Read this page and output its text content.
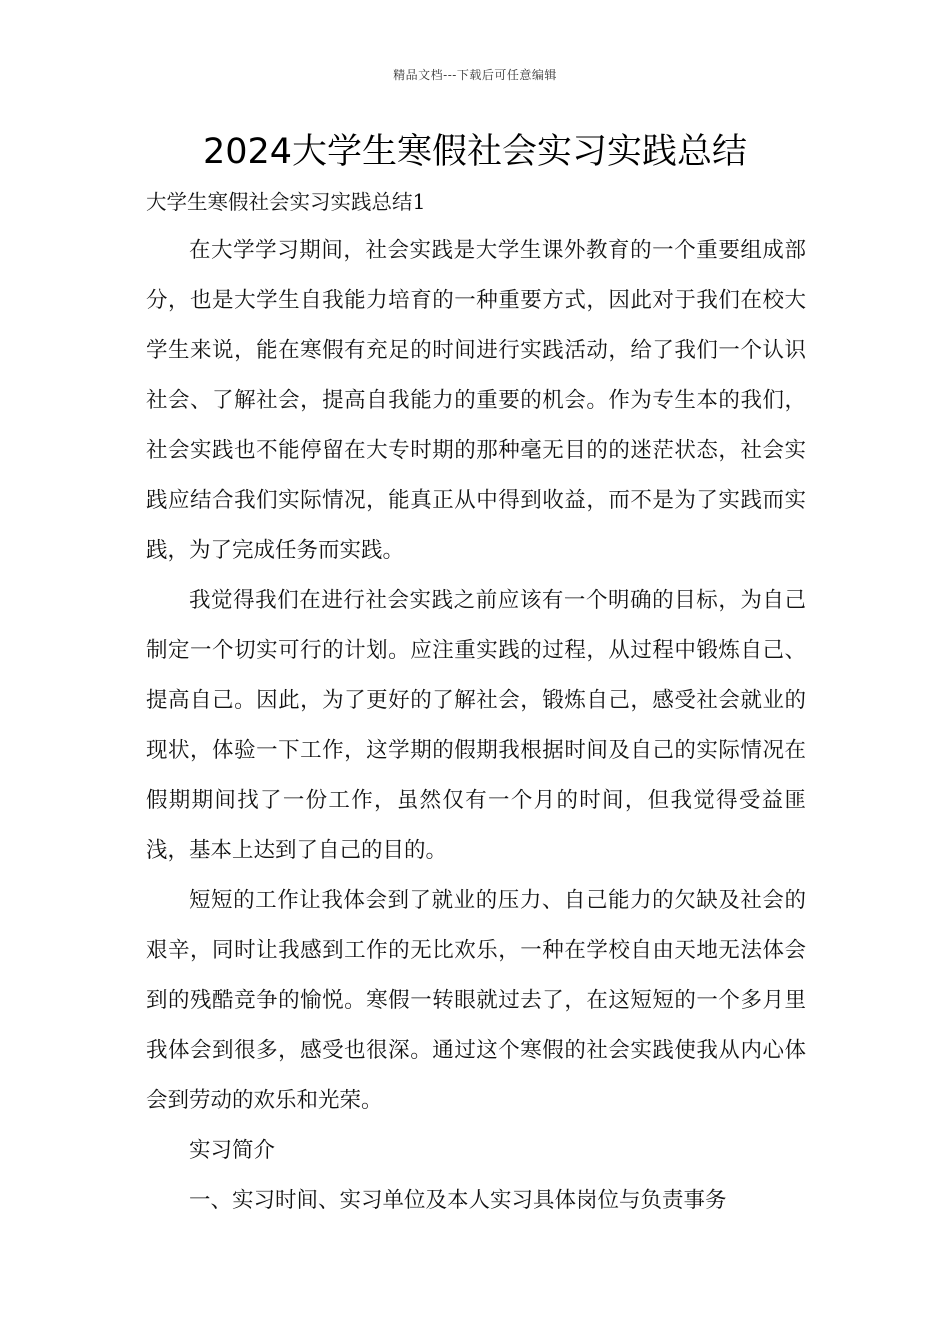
精品文档---下载后可任意编辑
2024大学生寒假社会实习实践总结

大学生寒假社会实习实践总结1

在大学学习期间，社会实践是大学生课外教育的一个重要组成部分，也是大学生自我能力培育的一种重要方式，因此对于我们在校大学生来说，能在寒假有充足的时间进行实践活动，给了我们一个认识社会、了解社会，提高自我能力的重要的机会。作为专生本的我们，社会实践也不能停留在大专时期的那种毫无目的的迷茫状态，社会实践应结合我们实际情况，能真正从中得到收益，而不是为了实践而实践，为了完成任务而实践。

我觉得我们在进行社会实践之前应该有一个明确的目标，为自己制定一个切实可行的计划。应注重实践的过程，从过程中锻炼自己、提高自己。因此，为了更好的了解社会，锻炼自己，感受社会就业的现状，体验一下工作，这学期的假期我根据时间及自己的实际情况在假期期间找了一份工作，虽然仅有一个月的时间，但我觉得受益匪浅，基本上达到了自己的目的。

短短的工作让我体会到了就业的压力、自己能力的欠缺及社会的艰辛，同时让我感到工作的无比欢乐，一种在学校自由天地无法体会到的残酷竞争的愉悦。寒假一转眼就过去了，在这短短的一个多月里我体会到很多，感受也很深。通过这个寒假的社会实践使我从内心体会到劳动的欢乐和光荣。

实习简介

一、实习时间、实习单位及本人实习具体岗位与负责事务
